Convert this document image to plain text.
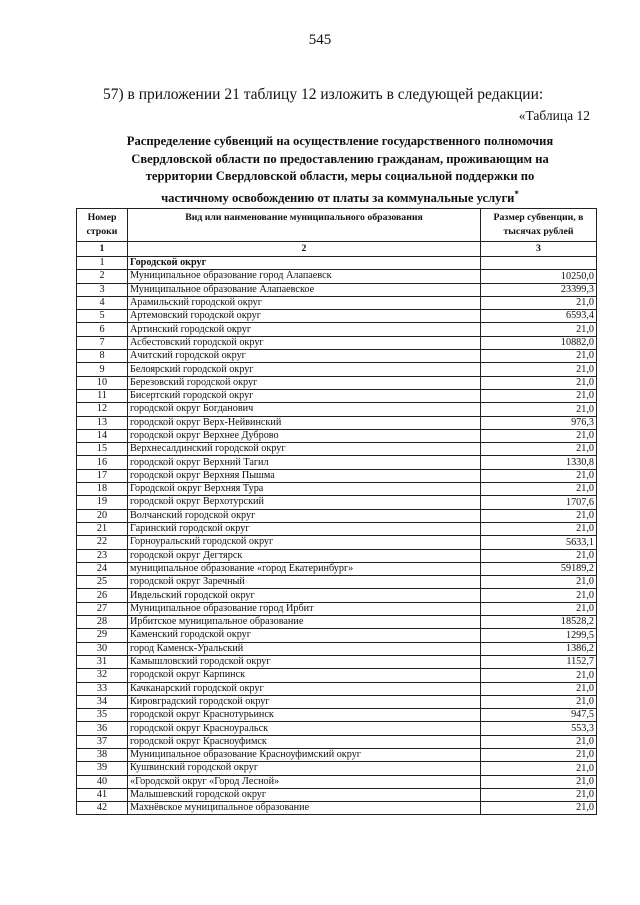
545
57) в приложении 21 таблицу 12 изложить в следующей редакции:
«Таблица 12
Распределение субвенций на осуществление государственного полномочия
Свердловской области по предоставлению гражданам, проживающим на
территории Свердловской области, меры социальной поддержки по
частичному освобождению от платы за коммунальные услуги*
Номер строки	Вид или наименование муниципального образования	Размер субвенции, в тысячах рублей
1	2	3
1	Городской округ	
2	Муниципальное образование город Алапаевск	10250,0
3	Муниципальное образование Алапаевское	23399,3
4	Арамильский городской округ	21,0
5	Артемовский городской округ	6593,4
6	Артинский городской округ	21,0
7	Асбестовский городской округ	10882,0
8	Ачитский городской округ	21,0
9	Белоярский городской округ	21,0
10	Березовский городской округ	21,0
11	Бисертский городской округ	21,0
12	городской округ Богданович	21,0
13	городской округ Верх-Нейвинский	976,3
14	городской округ Верхнее Дуброво	21,0
15	Верхнесалдинский городской округ	21,0
16	городской округ Верхний Тагил	1330,8
17	городской округ Верхняя Пышма	21,0
18	Городской округ Верхняя Тура	21,0
19	городской округ Верхотурский	1707,6
20	Волчанский городской округ	21,0
21	Гаринский городской округ	21,0
22	Горноуральский городской округ	5633,1
23	городской округ Дегтярск	21,0
24	муниципальное образование «город Екатеринбург»	59189,2
25	городской округ Заречный	21,0
26	Ивдельский городской округ	21,0
27	Муниципальное образование город Ирбит	21,0
28	Ирбитское муниципальное образование	18528,2
29	Каменский городской округ	1299,5
30	город Каменск-Уральский	1386,2
31	Камышловский городской округ	1152,7
32	городской округ Карпинск	21,0
33	Качканарский городской округ	21,0
34	Кировградский городской округ	21,0
35	городской округ Краснотурьинск	947,5
36	городской округ Красноуральск	553,3
37	городской округ Красноуфимск	21,0
38	Муниципальное образование Красноуфимский округ	21,0
39	Кушвинский городской округ	21,0
40	«Городской округ «Город Лесной»	21,0
41	Малышевский городской округ	21,0
42	Махнёвское муниципальное образование	21,0
